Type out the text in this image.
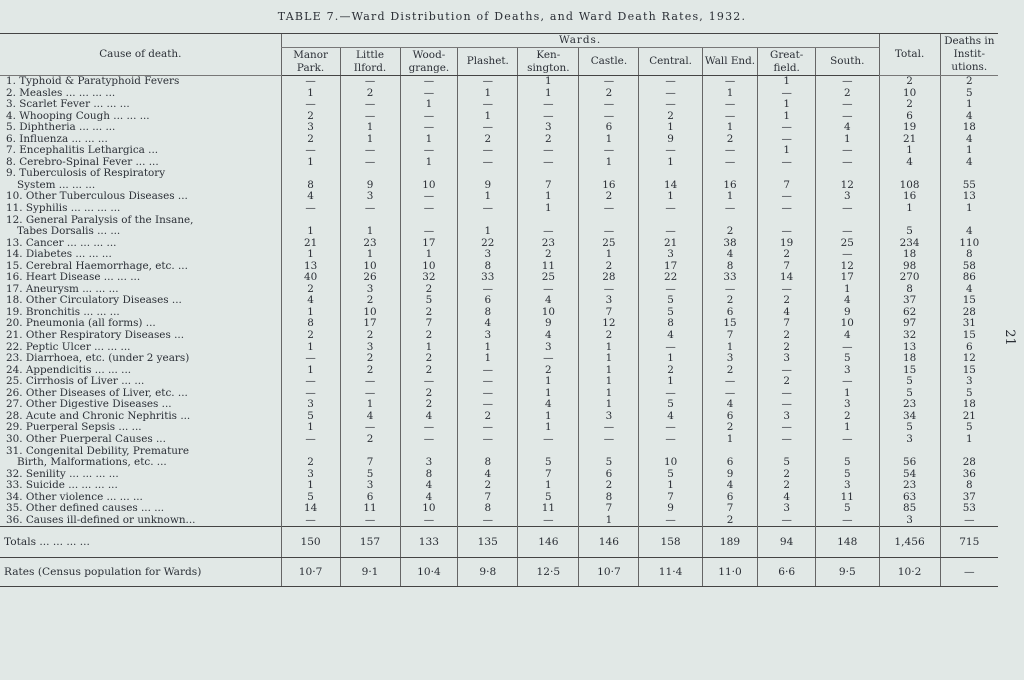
TABLE 7.—Ward Distribution of Deaths, and Ward Death Rates, 1932.
21
Cause of death.	Wards.										Total.	Deaths in Instit-utions.
	Manor Park.	Little Ilford.	Wood-grange.	Plashet.	Ken-sington.	Castle.	Central.	Wall End.	Great-field.	South.		
1. Typhoid & Paratyphoid Fevers	—	—	—	—	1	—	—	—	1	—	2	2
2. Measles ... ... ... ...	1	2	—	1	1	2	—	1	—	2	10	5
3. Scarlet Fever ... ... ...	—	—	1	—	—	—	—	—	1	—	2	1
4. Whooping Cough ... ... ...	2	—	—	1	—	—	2	—	1	—	6	4
5. Diphtheria ... ... ...	3	1	—	—	3	6	1	1	—	4	19	18
6. Influenza ... ... ...	2	1	1	2	2	1	9	2	—	1	21	4
7. Encephalitis Lethargica ...	—	—	—	—	—	—	—	—	1	—	1	1
8. Cerebro-Spinal Fever ... ...	1	—	1	—	—	1	1	—	—	—	4	4
9. Tuberculosis of Respiratory
System ... ... ...	8	9	10	9	7	16	14	16	7	12	108	55
10. Other Tuberculous Diseases ...	4	3	—	1	1	2	1	1	—	3	16	13
11. Syphilis ... ... ... ...	—	—	—	—	1	—	—	—	—	—	1	1
12. General Paralysis of the Insane,
Tabes Dorsalis ... ...	1	1	—	1	—	—	—	2	—	—	5	4
13. Cancer ... ... ... ...	21	23	17	22	23	25	21	38	19	25	234	110
14. Diabetes ... ... ...	1	1	1	3	2	1	3	4	2	—	18	8
15. Cerebral Haemorrhage, etc. ...	13	10	10	8	11	2	17	8	7	12	98	58
16. Heart Disease ... ... ...	40	26	32	33	25	28	22	33	14	17	270	86
17. Aneurysm ... ... ...	2	3	2	—	—	—	—	—	—	1	8	4
18. Other Circulatory Diseases ...	4	2	5	6	4	3	5	2	2	4	37	15
19. Bronchitis ... ... ...	1	10	2	8	10	7	5	6	4	9	62	28
20. Pneumonia (all forms) ...	8	17	7	4	9	12	8	15	7	10	97	31
21. Other Respiratory Diseases ...	2	2	2	3	4	2	4	7	2	4	32	15
22. Peptic Ulcer ... ... ...	1	3	1	1	3	1	—	1	2	—	13	6
23. Diarrhoea, etc. (under 2 years)	—	2	2	1	—	1	1	3	3	5	18	12
24. Appendicitis ... ... ...	1	2	2	—	2	1	2	2	—	3	15	15
25. Cirrhosis of Liver ... ...	—	—	—	—	1	1	1	—	2	—	5	3
26. Other Diseases of Liver, etc. ...	—	—	2	—	1	1	—	—	—	1	5	5
27. Other Digestive Diseases ...	3	1	2	—	4	1	5	4	—	3	23	18
28. Acute and Chronic Nephritis ...	5	4	4	2	1	3	4	6	3	2	34	21
29. Puerperal Sepsis ... ...	1	—	—	—	1	—	—	2	—	1	5	5
30. Other Puerperal Causes ...	—	2	—	—	—	—	—	1	—	—	3	1
31. Congenital Debility, Premature
Birth, Malformations, etc. ...	2	7	3	8	5	5	10	6	5	5	56	28
32. Senility ... ... ... ...	3	5	8	4	7	6	5	9	2	5	54	36
33. Suicide ... ... ... ...	1	3	4	2	1	2	1	4	2	3	23	8
34. Other violence ... ... ...	5	6	4	7	5	8	7	6	4	11	63	37
35. Other defined causes ... ...	14	11	10	8	11	7	9	7	3	5	85	53
36. Causes ill-defined or unknown...	—	—	—	—	—	1	—	2	—	—	3	—
Totals ... ... ... ...	150	157	133	135	146	146	158	189	94	148	1,456	715
Rates (Census population for Wards)	10·7	9·1	10·4	9·8	12·5	10·7	11·4	11·0	6·6	9·5	10·2	—
